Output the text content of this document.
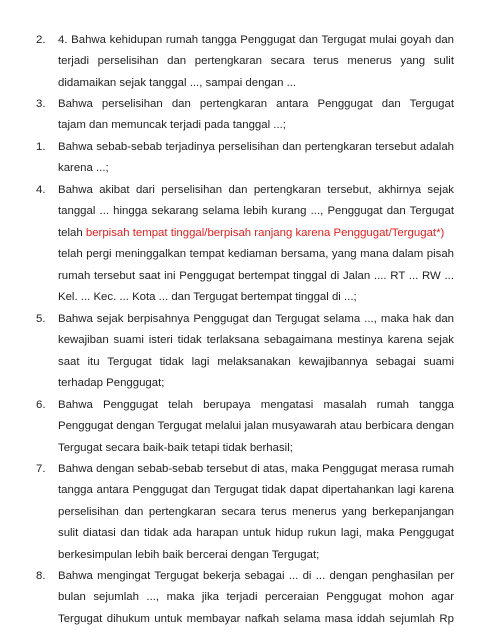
2.	4. Bahwa kehidupan rumah tangga Penggugat dan Tergugat mulai goyah dan
terjadi perselisihan dan pertengkaran secara terus menerus yang sulit
didamaikan sejak tanggal ..., sampai dengan ...
3.	Bahwa perselisihan dan pertengkaran antara Penggugat dan Tergugat
tajam dan memuncak terjadi pada tanggal ...;
1.	Bahwa sebab-sebab terjadinya perselisihan dan pertengkaran tersebut adalah
karena ...;
4.	Bahwa akibat dari perselisihan dan pertengkaran tersebut, akhirnya sejak
tanggal ... hingga sekarang selama lebih kurang ..., Penggugat dan Tergugat
telah berpisah tempat tinggal/berpisah ranjang karena Penggugat/Tergugat*)
telah pergi meninggalkan tempat kediaman bersama, yang mana dalam pisah
rumah tersebut saat ini Penggugat bertempat tinggal di Jalan .... RT ... RW ...
Kel. ... Kec. ... Kota ... dan Tergugat bertempat tinggal di ...;
5.	Bahwa sejak berpisahnya Penggugat dan Tergugat selama ..., maka hak dan
kewajiban suami isteri tidak terlaksana sebagaimana mestinya karena sejak
saat itu Tergugat tidak lagi melaksanakan kewajibannya sebagai suami
terhadap Penggugat;
6.	Bahwa Penggugat telah berupaya mengatasi masalah rumah tangga
Penggugat dengan Tergugat melalui jalan musyawarah atau berbicara dengan
Tergugat secara baik-baik tetapi tidak berhasil;
7.	Bahwa dengan sebab-sebab tersebut di atas, maka Penggugat merasa rumah
tangga antara Penggugat dan Tergugat tidak dapat dipertahankan lagi karena
perselisihan dan pertengkaran secara terus menerus yang berkepanjangan
sulit diatasi dan tidak ada harapan untuk hidup rukun lagi, maka Penggugat
berkesimpulan lebih baik bercerai dengan Tergugat;
8.	Bahwa mengingat Tergugat bekerja sebagai ... di ... dengan penghasilan per
bulan sejumlah ..., maka jika terjadi perceraian Penggugat mohon agar
Tergugat dihukum untuk membayar nafkah selama masa iddah sejumlah Rp
